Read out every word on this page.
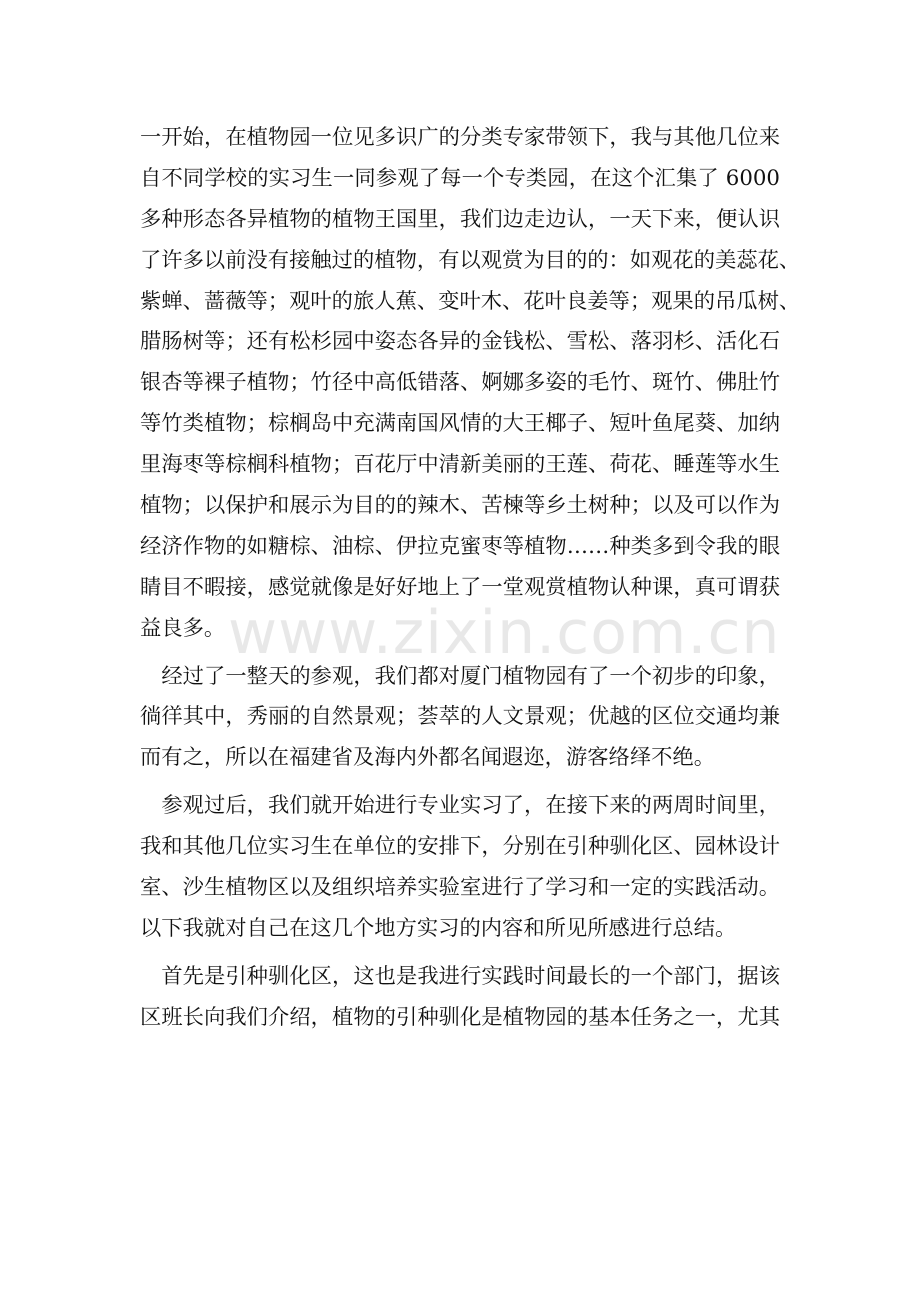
一开始，在植物园一位见多识广的分类专家带领下，我与其他几位来
自不同学校的实习生一同参观了每一个专类园，在这个汇集了 6000
多种形态各异植物的植物王国里，我们边走边认，一天下来，便认识
了许多以前没有接触过的植物，有以观赏为目的的：如观花的美蕊花、
紫蝉、蔷薇等；观叶的旅人蕉、变叶木、花叶良姜等；观果的吊瓜树、
腊肠树等；还有松杉园中姿态各异的金钱松、雪松、落羽杉、活化石
银杏等裸子植物；竹径中高低错落、婀娜多姿的毛竹、斑竹、佛肚竹
等竹类植物；棕榈岛中充满南国风情的大王椰子、短叶鱼尾葵、加纳
里海枣等棕榈科植物；百花厅中清新美丽的王莲、荷花、睡莲等水生
植物；以保护和展示为目的的辣木、苦楝等乡土树种；以及可以作为
经济作物的如糖棕、油棕、伊拉克蜜枣等植物……种类多到令我的眼
睛目不暇接，感觉就像是好好地上了一堂观赏植物认种课，真可谓获
益良多。
　经过了一整天的参观，我们都对厦门植物园有了一个初步的印象，
徜徉其中，秀丽的自然景观；荟萃的人文景观；优越的区位交通均兼
而有之，所以在福建省及海内外都名闻遐迩，游客络绎不绝。
　参观过后，我们就开始进行专业实习了，在接下来的两周时间里，
我和其他几位实习生在单位的安排下，分别在引种驯化区、园林设计
室、沙生植物区以及组织培养实验室进行了学习和一定的实践活动。
以下我就对自己在这几个地方实习的内容和所见所感进行总结。
　首先是引种驯化区，这也是我进行实践时间最长的一个部门，据该
区班长向我们介绍，植物的引种驯化是植物园的基本任务之一，尤其
www.zixin.com.cn
